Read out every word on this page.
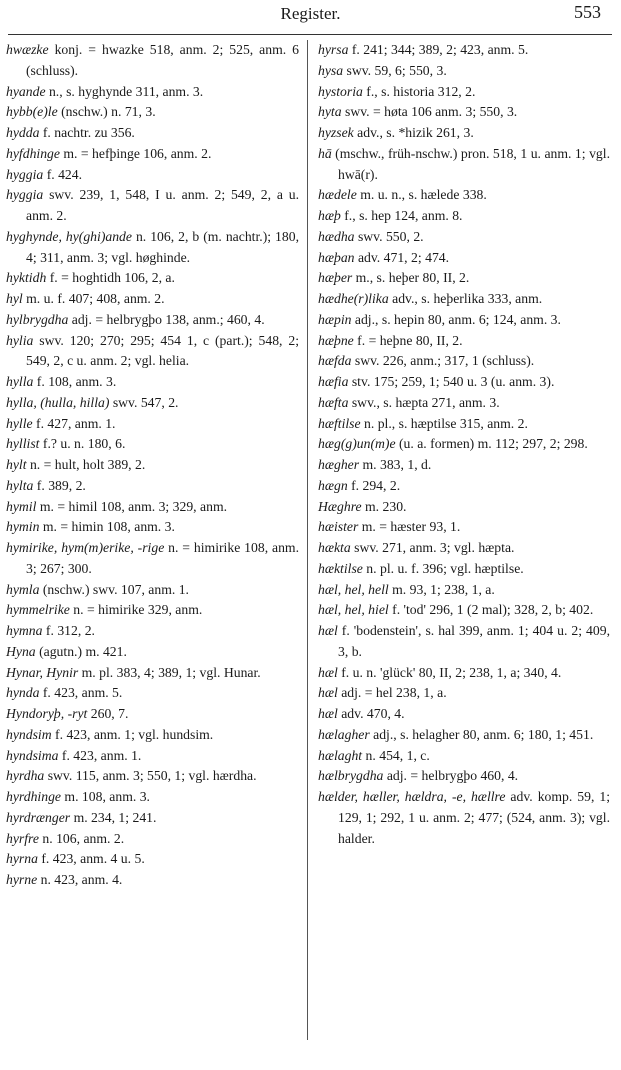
Register.	553

hwæzke konj. = hwazke 518, anm. 2; 525, anm. 6 (schluss).

hyande n., s. hyghynde 311, anm. 3.

hybb(e)le (nschw.) n. 71, 3.

hydda f. nachtr. zu 356.

hyfdhinge m. = hefþinge 106, anm. 2.

hyggia f. 424.

hyggia swv. 239, 1, 548, I u. anm. 2; 549, 2, a u. anm. 2.

hyghynde, hy(ghi)ande n. 106, 2, b (m. nachtr.); 180, 4; 311, anm. 3; vgl. høghinde.

hyktidh f. = hoghtidh 106, 2, a.

hyl m. u. f. 407; 408, anm. 2.

hylbrygdha adj. = helbrygþo 138, anm.; 460, 4.

hylia swv. 120; 270; 295; 454 1, c (part.); 548, 2; 549, 2, c u. anm. 2; vgl. helia.

hylla f. 108, anm. 3.

hylla, (hulla, hilla) swv. 547, 2.

hylle f. 427, anm. 1.

hyllist f.? u. n. 180, 6.

hylt n. = hult, holt 389, 2.

hylta f. 389, 2.

hymil m. = himil 108, anm. 3; 329, anm.

hymin m. = himin 108, anm. 3.

hymirike, hym(m)erike, -rige n. = himirike 108, anm. 3; 267; 300.

hymla (nschw.) swv. 107, anm. 1.

hymmelrike n. = himirike 329, anm.

hymna f. 312, 2.

Hyna (agutn.) m. 421.

Hynar, Hynir m. pl. 383, 4; 389, 1; vgl. Hunar.

hynda f. 423, anm. 5.

Hyndoryþ, -ryt 260, 7.

hyndsim f. 423, anm. 1; vgl. hundsim.

hyndsima f. 423, anm. 1.

hyrdha swv. 115, anm. 3; 550, 1; vgl. hærdha.

hyrdhinge m. 108, anm. 3.

hyrdrænger m. 234, 1; 241.

hyrfre n. 106, anm. 2.

hyrna f. 423, anm. 4 u. 5.

hyrne n. 423, anm. 4.

hyrsa f. 241; 344; 389, 2; 423, anm. 5.

hysa swv. 59, 6; 550, 3.

hystoria f., s. historia 312, 2.

hyta swv. = høta 106 anm. 3; 550, 3.

hyzsek adv., s. *hizik 261, 3.

hā (mschw., früh-nschw.) pron. 518, 1 u. anm. 1; vgl. hwā(r).

hædele m. u. n., s. hælede 338.

hæþ f., s. hep 124, anm. 8.

hædha swv. 550, 2.

hæþan adv. 471, 2; 474.

hæþer m., s. heþer 80, II, 2.

hædhe(r)lika adv., s. heþerlika 333, anm.

hæpin adj., s. hepin 80, anm. 6; 124, anm. 3.

hæþne f. = heþne 80, II, 2.

hæfda swv. 226, anm.; 317, 1 (schluss).

hæfia stv. 175; 259, 1; 540 u. 3 (u. anm. 3).

hæfta swv., s. hæpta 271, anm. 3.

hæftilse n. pl., s. hæptilse 315, anm. 2.

hæg(g)un(m)e (u. a. formen) m. 112; 297, 2; 298.

hægher m. 383, 1, d.

hægn f. 294, 2.

Hæghre m. 230.

hæister m. = hæster 93, 1.

hækta swv. 271, anm. 3; vgl. hæpta.

hæktilse n. pl. u. f. 396; vgl. hæptilse.

hæl, hel, hell m. 93, 1; 238, 1, a.

hæl, hel, hiel f. 'tod' 296, 1 (2 mal); 328, 2, b; 402.

hæl f. 'bodenstein', s. hal 399, anm. 1; 404 u. 2; 409, 3, b.

hæl f. u. n. 'glück' 80, II, 2; 238, 1, a; 340, 4.

hæl adj. = hel 238, 1, a.

hæl adv. 470, 4.

hælagher adj., s. helagher 80, anm. 6; 180, 1; 451.

hælaght n. 454, 1, c.

hælbrygdha adj. = helbrygþo 460, 4.

hælder, hæller, hældra, -e, hællre adv. komp. 59, 1; 129, 1; 292, 1 u. anm. 2; 477; (524, anm. 3); vgl. halder.
